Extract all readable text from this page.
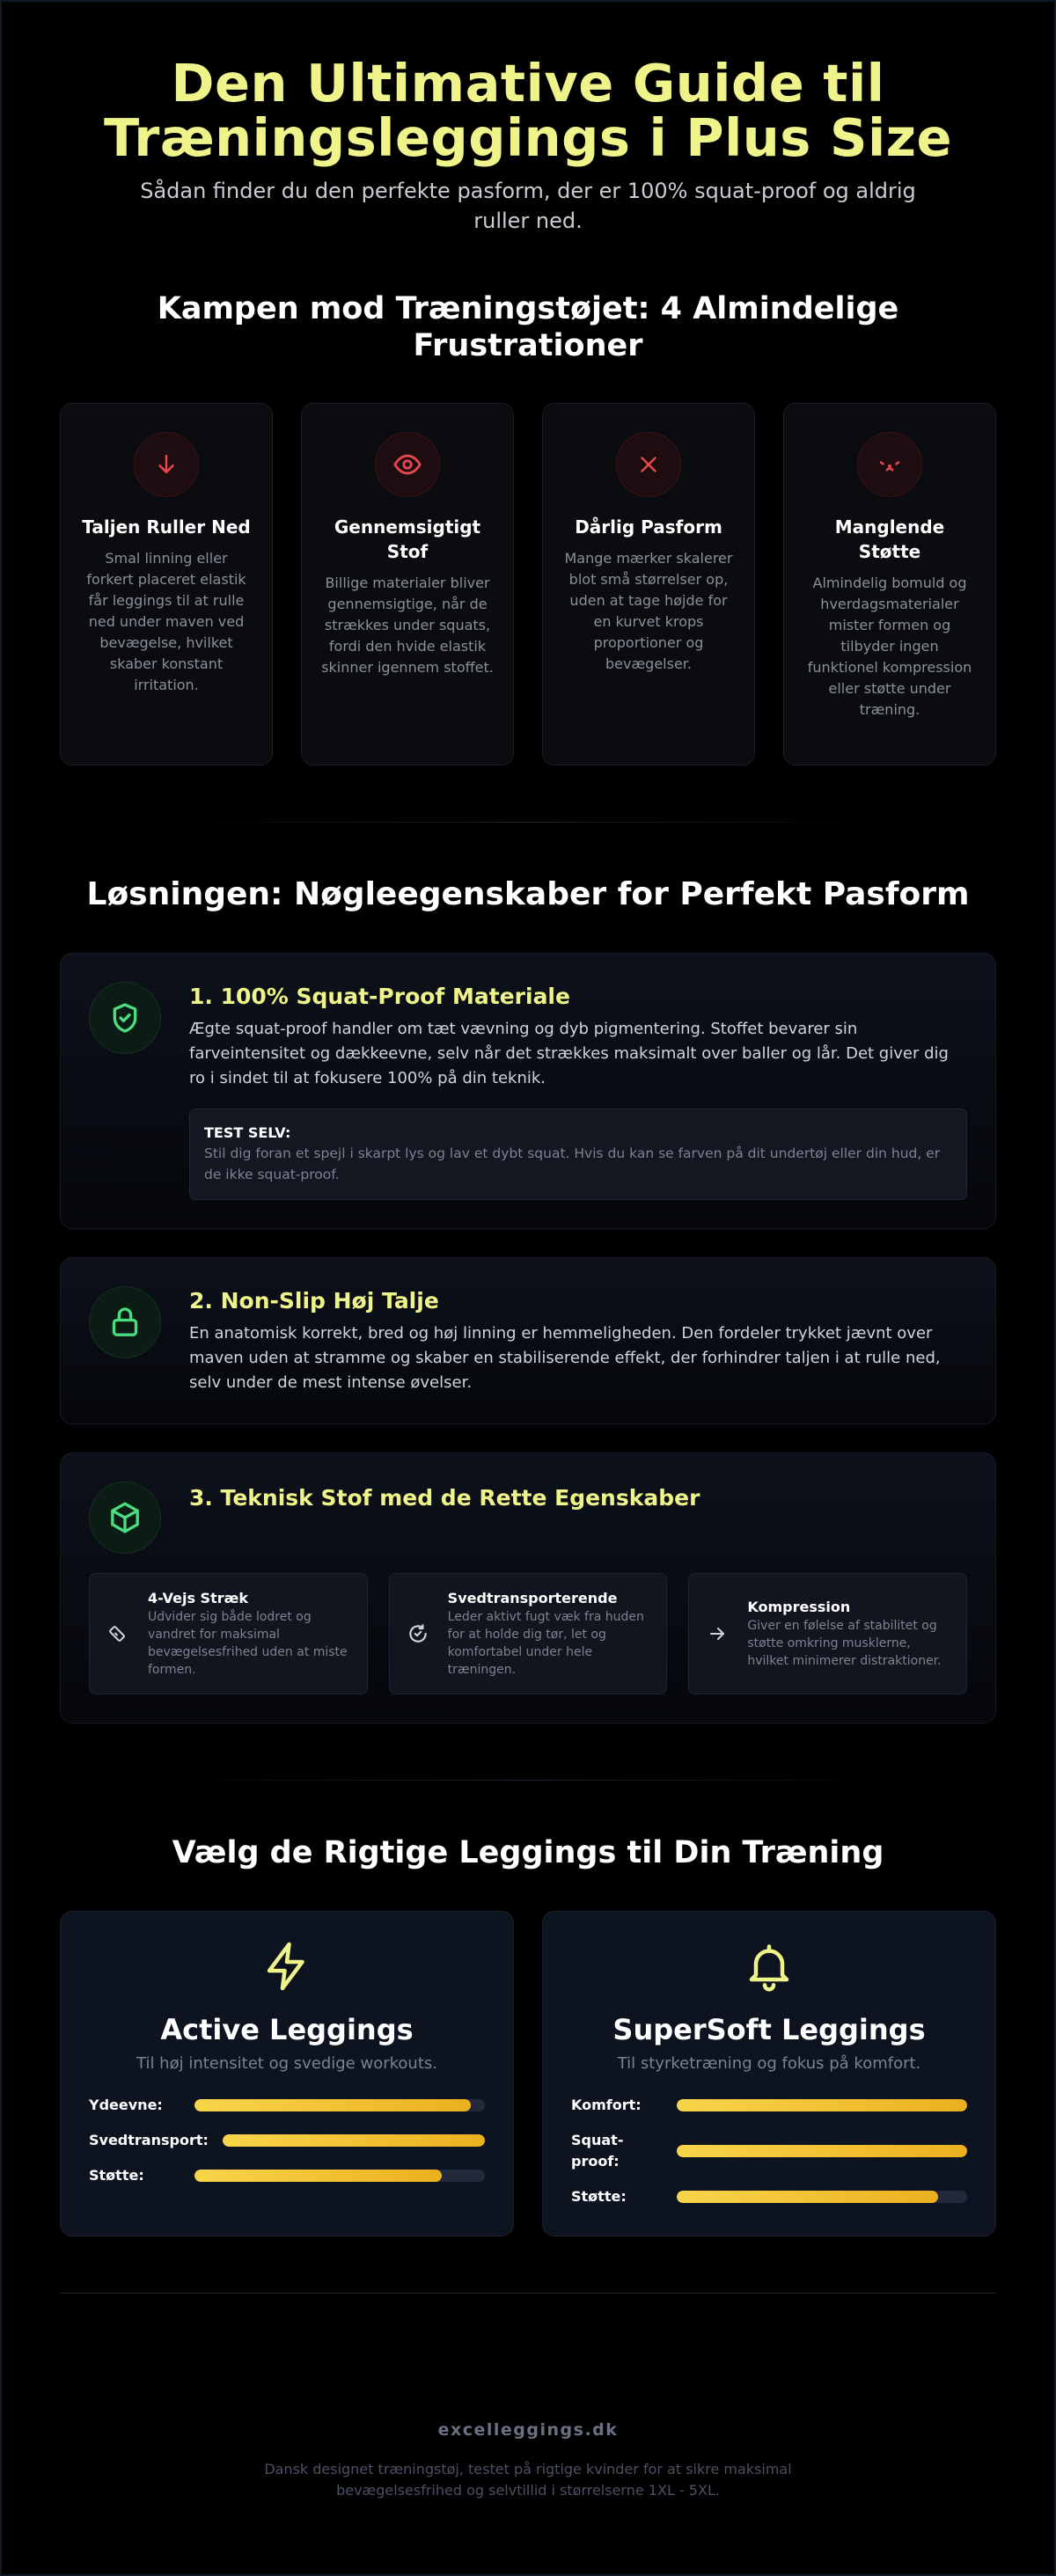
Den Ultimative Guide til Træningsleggings i Plus Size

Sådan finder du den perfekte pasform, der er 100% squat-proof og aldrig ruller ned.

Kampen mod Træningstøjet: 4 Almindelige Frustrationer
Taljen Ruller Ned

Smal linning eller forkert placeret elastik får leggings til at rulle ned under maven ved bevægelse, hvilket skaber konstant irritation.

Gennemsigtigt Stof

Billige materialer bliver gennemsigtige, når de strækkes under squats, fordi den hvide elastik skinner igennem stoffet.

Dårlig Pasform

Mange mærker skalerer blot små størrelser op, uden at tage højde for en kurvet krops proportioner og bevægelser.

Manglende Støtte

Almindelig bomuld og hverdagsmaterialer mister formen og tilbyder ingen funktionel kompression eller støtte under træning.

Løsningen: Nøgleegenskaber for Perfekt Pasform
1. 100% Squat-Proof Materiale

Ægte squat-proof handler om tæt vævning og dyb pigmentering. Stoffet bevarer sin farveintensitet og dækkeevne, selv når det strækkes maksimalt over baller og lår. Det giver dig ro i sindet til at fokusere 100% på din teknik.

TEST SELV:
Stil dig foran et spejl i skarpt lys og lav et dybt squat. Hvis du kan se farven på dit undertøj eller din hud, er de ikke squat-proof.
2. Non-Slip Høj Talje

En anatomisk korrekt, bred og høj linning er hemmeligheden. Den fordeler trykket jævnt over maven uden at stramme og skaber en stabiliserende effekt, der forhindrer taljen i at rulle ned, selv under de mest intense øvelser.

3. Teknisk Stof med de Rette Egenskaber
4-Vejs Stræk

Udvider sig både lodret og vandret for maksimal bevægelsesfrihed uden at miste formen.

Svedtransporterende

Leder aktivt fugt væk fra huden for at holde dig tør, let og komfortabel under hele træningen.

Kompression

Giver en følelse af stabilitet og støtte omkring musklerne, hvilket minimerer distraktioner.

Vælg de Rigtige Leggings til Din Træning
Active Leggings
Til høj intensitet og svedige workouts.
Ydeevne:
Svedtransport:
Støtte:
SuperSoft Leggings
Til styrketræning og fokus på komfort.
Komfort:
Squat-proof:
Støtte:
excelleggings.dk

Dansk designet træningstøj, testet på rigtige kvinder for at sikre maksimal bevægelsesfrihed og selvtillid i størrelserne 1XL - 5XL.
